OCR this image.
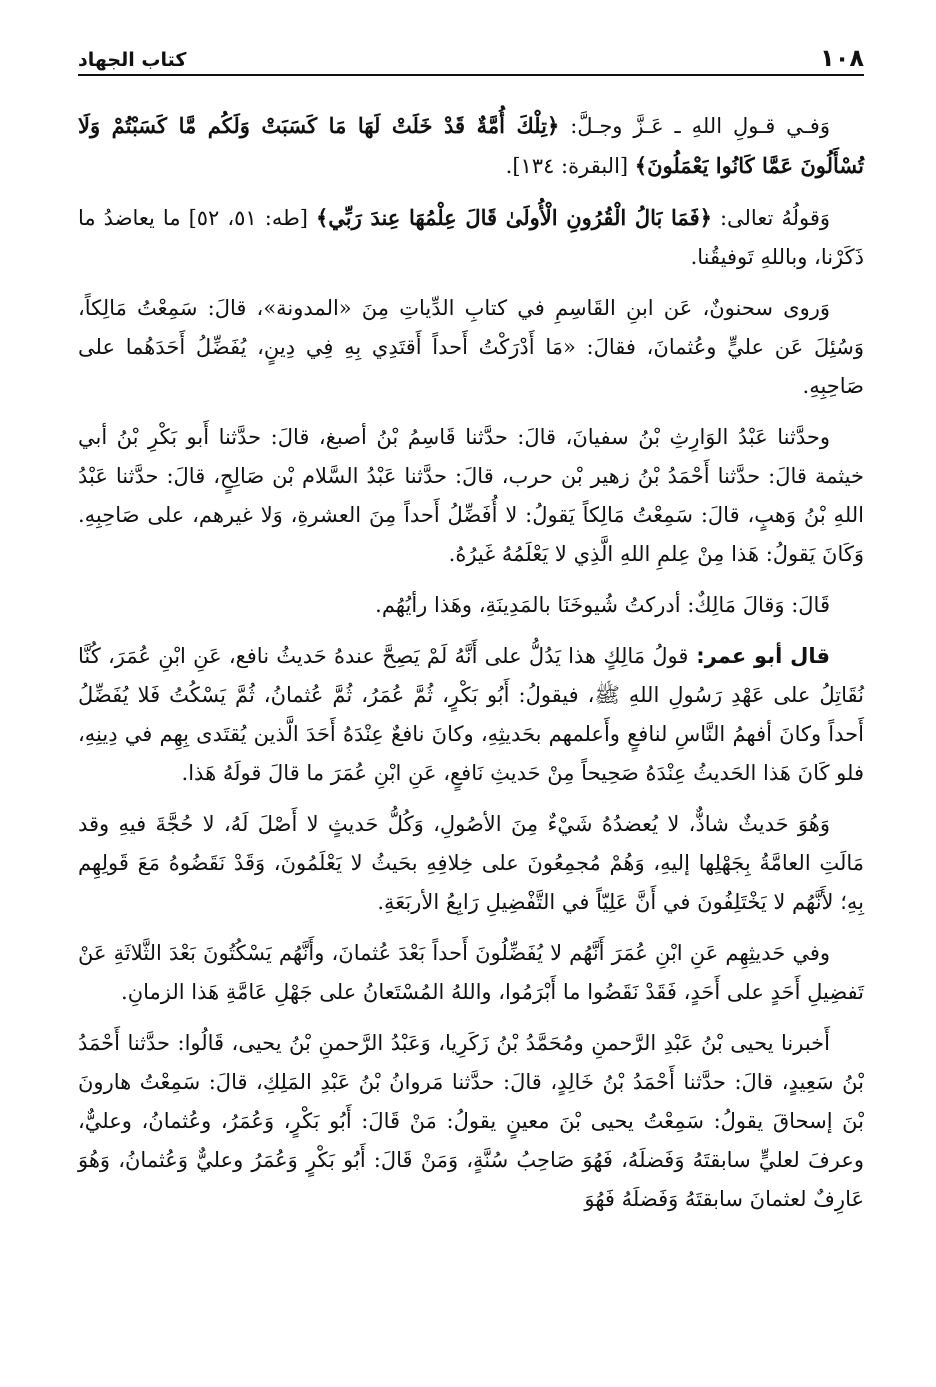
١٠٨
كتاب الجهاد

وَفـي قـولِ اللهِ ـ عَـزَّ وجـلَّ: ﴿تِلْكَ أُمَّةٌ قَدْ خَلَتْ لَهَا مَا كَسَبَتْ وَلَكُم مَّا كَسَبْتُمْ وَلَا تُسْأَلُونَ عَمَّا كَانُوا يَعْمَلُونَ﴾ [البقرة: ١٣٤].

وَقولُهُ تعالى: ﴿فَمَا بَالُ الْقُرُونِ الْأُولَىٰ قَالَ عِلْمُهَا عِندَ رَبِّي﴾ [طه: ٥١، ٥٢] ما يعاضدُ ما ذَكَرْنا، وباللهِ تَوفيقُنا.

وَروى سحنونٌ، عَن ابنِ القَاسِمِ في كتابِ الدِّياتِ مِنَ «المدونة»، قالَ: سَمِعْتُ مَالِكاً، وَسُئِلَ عَن عليٍّ وعُثمانَ، فقالَ: «مَا أَدْرَكْتُ أَحداً أَقتَدِي بِهِ فِي دِينٍ، يُفَضِّلُ أَحَدَهُما على صَاحِبِهِ.

وحدَّثنا عَبْدُ الوَارِثِ بْنُ سفيانَ، قالَ: حدَّثنا قَاسِمُ بْنُ أصبغ، قالَ: حدَّثنا أَبو بَكْرِ بْنُ أبي خيثمة قالَ: حدَّثنا أَحْمَدُ بْنُ زهير بْن حرب، قالَ: حدَّثنا عَبْدُ السَّلام بْن صَالِحٍ، قالَ: حدَّثنا عَبْدُ اللهِ بْنُ وَهبٍ، قالَ: سَمِعْتُ مَالِكاً يَقولُ: لا أُفَضِّلُ أَحداً مِنَ العشرةِ، وَلا غيرهم، على صَاحِبِهِ. وَكَانَ يَقولُ: هَذا مِنْ عِلمِ اللهِ الَّذِي لا يَعْلَمُهُ غَيرُهُ.

قَالَ: وَقالَ مَالِكٌ: أدركتُ شُيوخَنَا بالمَدِينَةِ، وهَذا رأيُهُم.

قال أبو عمر: قولُ مَالِكٍ هذا يَدُلُّ على أَنَّهُ لَمْ يَصِحَّ عندهُ حَديثُ نافع، عَنِ ابْنِ عُمَرَ، كُنَّا نُقَاتِلُ على عَهْدِ رَسُولِ اللهِ ﷺ، فيقولُ: أَبُو بَكْرٍ، ثُمَّ عُمَرُ، ثُمَّ عُثمانُ، ثُمَّ يَسْكُتُ فَلا يُفَضِّلُ أَحداً وكانَ أفهمُ النَّاسِ لنافعٍ وأَعلمهم بحَديثِهِ، وكانَ نافعٌ عِنْدَهُ أَحَدَ الَّذين يُقتَدى بِهِم في دِينِهِ، فلو كَانَ هَذا الحَديثُ عِنْدَهُ صَحِيحاً مِنْ حَديثِ نَافعٍ، عَنِ ابْنِ عُمَرَ ما قالَ قولَهُ هَذا.

وَهُوَ حَديثٌ شاذٌّ، لا يُعضدُهُ شَيْءٌ مِنَ الأصُولِ، وَكُلُّ حَديثٍ لا أَصْلَ لَهُ، لا حُجَّةَ فيهِ وقد مَالَتِ العامَّةُ بِجَهْلِها إليهِ، وَهُمْ مُجمِعُونَ على خِلافِهِ بحَيثُ لا يَعْلَمُونَ، وَقَدْ نَقَضُوهُ مَعَ قَولِهِم بِهِ؛ لأَنَّهُم لا يَخْتَلِفُونَ في أَنَّ عَلِيّاً في التَّفْضِيلِ رَابِعُ الأربَعَةِ.

وفي حَديثِهِم عَنِ ابْنِ عُمَرَ أَنَّهُم لا يُفَضِّلُونَ أَحداً بَعْدَ عُثمانَ، وأَنَّهُم يَسْكُتُونَ بَعْدَ الثَّلاثَةِ عَنْ تَفضِيلِ أَحَدٍ على أَحَدٍ، فَقَدْ نَقَضُوا ما أَبْرَمُوا، واللهُ المُسْتَعانُ على جَهْلِ عَامَّةِ هَذا الزمانِ.

أَخبرنا يحيى بْنُ عَبْدِ الرَّحمنِ ومُحَمَّدُ بْنُ زَكَرِيا، وَعَبْدُ الرَّحمنِ بْنُ يحيى، قَالُوا: حدَّثنا أَحْمَدُ بْنُ سَعِيدٍ، قالَ: حدَّثنا أَحْمَدُ بْنُ خَالِدٍ، قالَ: حدَّثنا مَروانُ بْنُ عَبْدِ المَلِكِ، قالَ: سَمِعْتُ هارونَ بْنَ إسحاقَ يقولُ: سَمِعْتُ يحيى بْنَ معينٍ يقولُ: مَنْ قَالَ: أَبُو بَكْرٍ، وَعُمَرُ، وعُثمانُ، وعليٌّ، وعرفَ لعليٍّ سابقتَهُ وَفَضلَهُ، فَهُوَ صَاحِبُ سُنَّةٍ، وَمَنْ قَالَ: أَبُو بَكْرٍ وَعُمَرُ وعليٌّ وَعُثمانُ، وَهُوَ عَارِفٌ لعثمانَ سابقتَهُ وَفَضلَهُ فَهُوَ
